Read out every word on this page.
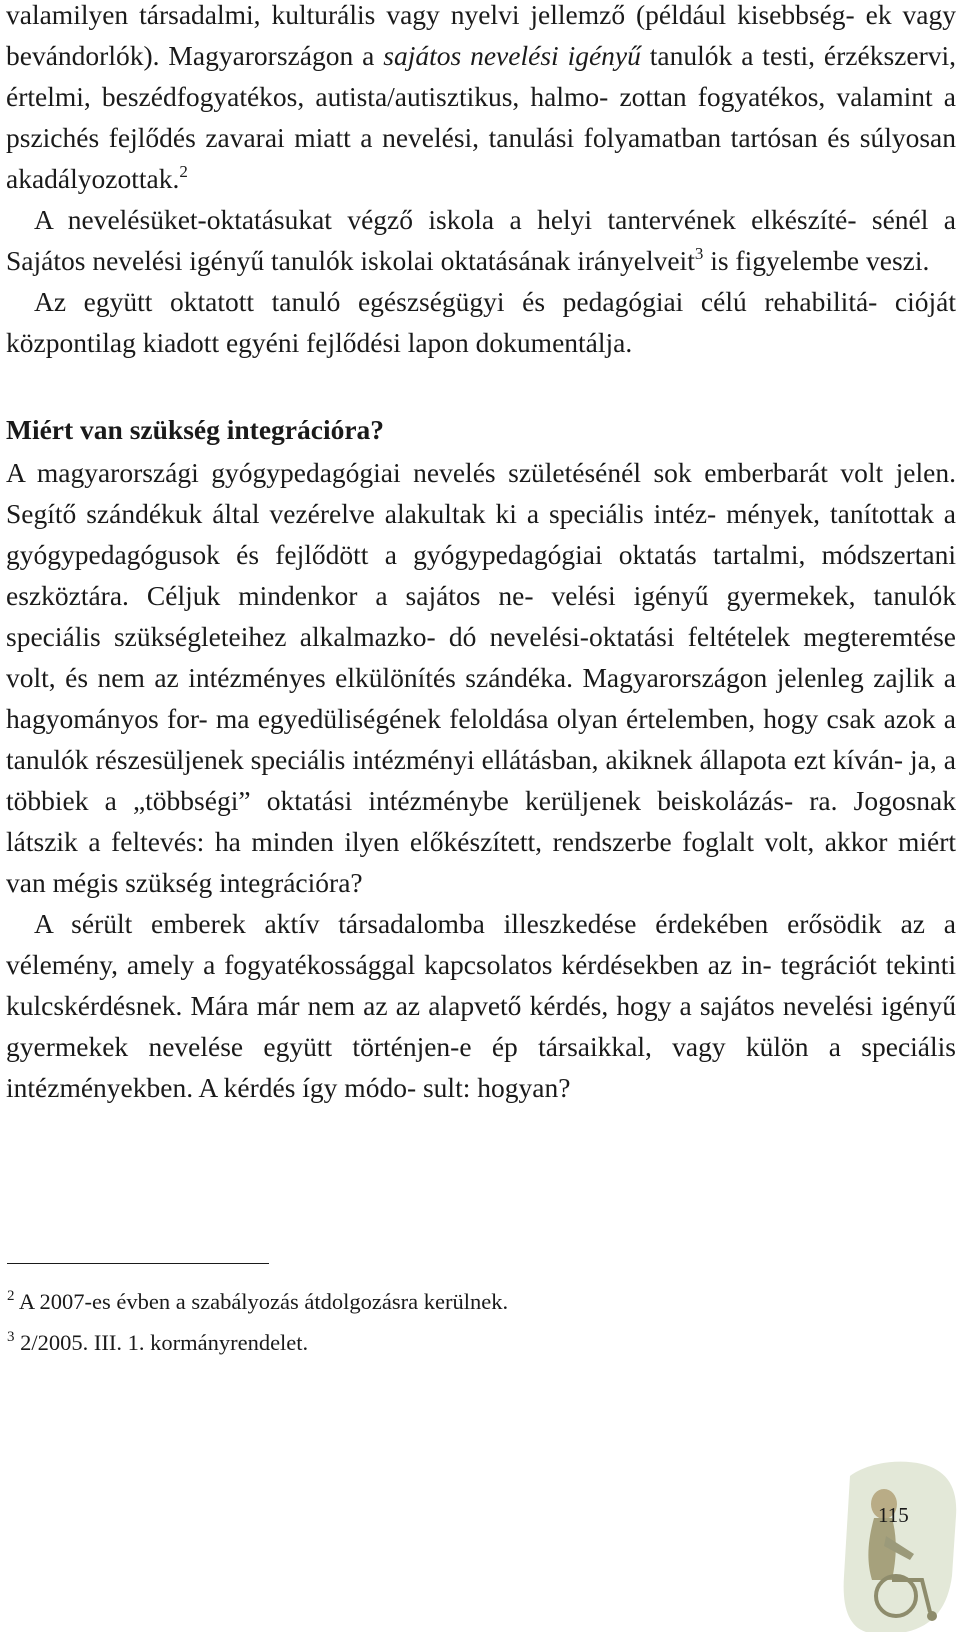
valamilyen társadalmi, kulturális vagy nyelvi jellemző (például kisebbség- ek vagy bevándorlók). Magyarországon a sajátos nevelési igényű tanulók a testi, érzékszervi, értelmi, beszédfogyatékos, autista/autisztikus, halmo- zottan fogyatékos, valamint a pszichés fejlődés zavarai miatt a nevelési, tanulási folyamatban tartósan és súlyosan akadályozottak.$^2$

A nevelésüket-oktatásukat végző iskola a helyi tantervének elkészíté- sénél a Sajátos nevelési igényű tanulók iskolai oktatásának irányelveit$^3$ is figyelembe veszi.

Az együtt oktatott tanuló egészségügyi és pedagógiai célú rehabilitá- cióját központilag kiadott egyéni fejlődési lapon dokumentálja.

Miért van szükség integrációra?

A magyarországi gyógypedagógiai nevelés születésénél sok emberbarát volt jelen. Segítő szándékuk által vezérelve alakultak ki a speciális intéz- mények, tanítottak a gyógypedagógusok és fejlődött a gyógypedagógiai oktatás tartalmi, módszertani eszköztára. Céljuk mindenkor a sajátos ne- velési igényű gyermekek, tanulók speciális szükségleteihez alkalmazko- dó nevelési-oktatási feltételek megteremtése volt, és nem az intézményes elkülönítés szándéka. Magyarországon jelenleg zajlik a hagyományos for- ma egyedüliségének feloldása olyan értelemben, hogy csak azok a tanulók részesüljenek speciális intézményi ellátásban, akiknek állapota ezt kíván- ja, a többiek a „többségi” oktatási intézménybe kerüljenek beiskolázás- ra. Jogosnak látszik a feltevés: ha minden ilyen előkészített, rendszerbe foglalt volt, akkor miért van mégis szükség integrációra?

A sérült emberek aktív társadalomba illeszkedése érdekében erősödik az a vélemény, amely a fogyatékossággal kapcsolatos kérdésekben az in- tegrációt tekinti kulcskérdésnek. Mára már nem az az alapvető kérdés, hogy a sajátos nevelési igényű gyermekek nevelése együtt történjen-e ép társaikkal, vagy külön a speciális intézményekben. A kérdés így módo- sult: hogyan?

$^2$ A 2007-es évben a szabályozás átdolgozásra kerülnek.

$^3$ 2/2005. III. 1. kormányrendelet.

115
